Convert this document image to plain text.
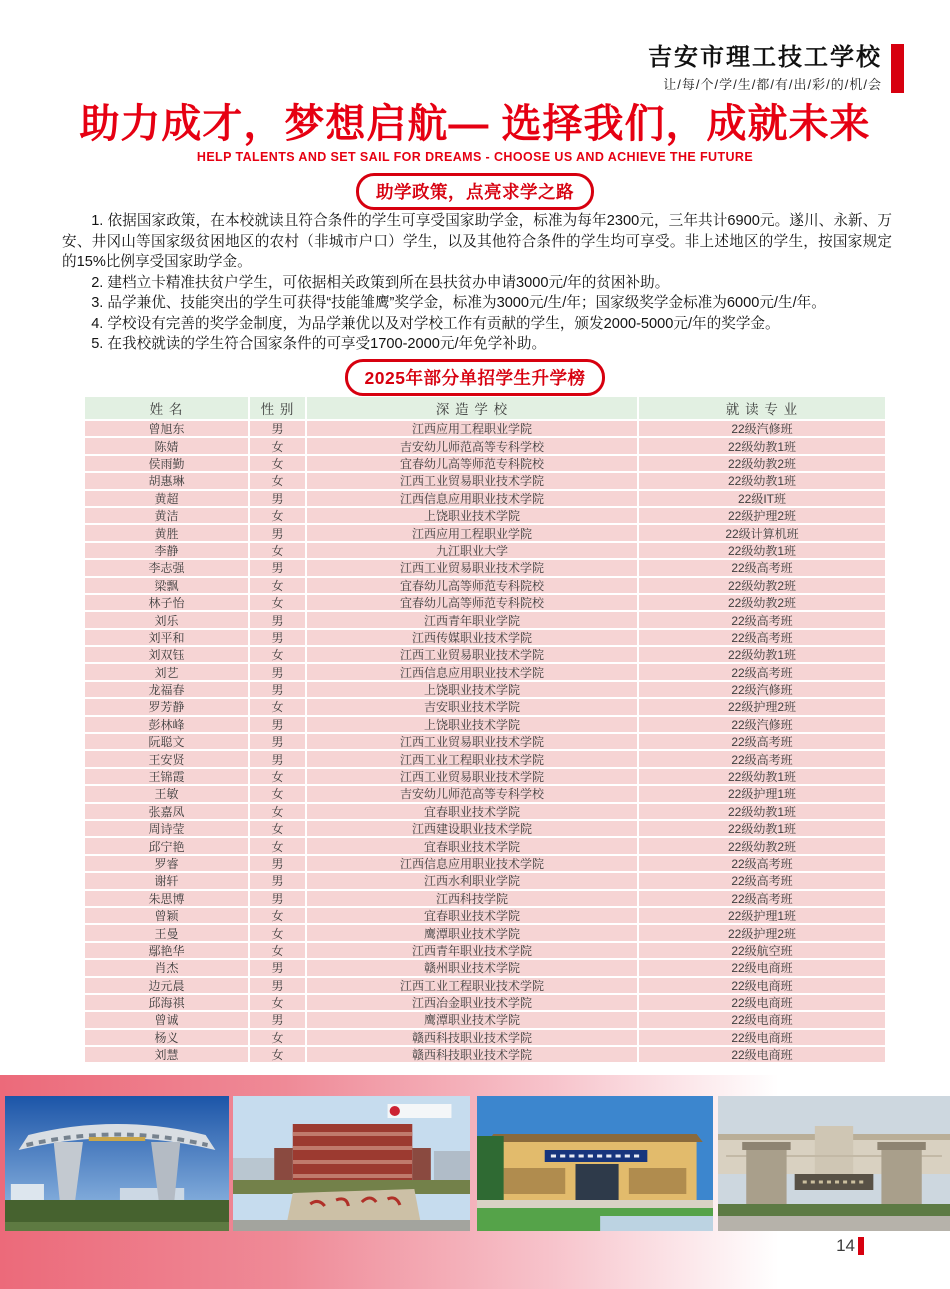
吉安市理工技工学校
让/每/个/学/生/都/有/出/彩/的/机/会
助力成才，梦想启航— 选择我们，成就未来
HELP TALENTS AND SET SAIL FOR DREAMS - CHOOSE US AND ACHIEVE THE FUTURE
助学政策，点亮求学之路

1. 依据国家政策，在本校就读且符合条件的学生可享受国家助学金，标准为每年2300元，三年共计6900元。遂川、永新、万安、井冈山等国家级贫困地区的农村（非城市户口）学生，以及其他符合条件的学生均可享受。非上述地区的学生，按国家规定的15%比例享受国家助学金。

2. 建档立卡精准扶贫户学生，可依据相关政策到所在县扶贫办申请3000元/年的贫困补助。

3. 品学兼优、技能突出的学生可获得“技能雏鹰”奖学金，标准为3000元/生/年；国家级奖学金标准为6000元/生/年。

4. 学校设有完善的奖学金制度，为品学兼优以及对学校工作有贡献的学生，颁发2000-5000元/年的奖学金。

5. 在我校就读的学生符合国家条件的可享受1700-2000元/年免学补助。

2025年部分单招学生升学榜
姓 名	性 别	深 造 学 校	就 读 专 业
曾旭东	男	江西应用工程职业学院	22级汽修班
陈婧	女	吉安幼儿师范高等专科学校	22级幼教1班
侯雨勤	女	宜春幼儿高等师范专科院校	22级幼教2班
胡惠琳	女	江西工业贸易职业技术学院	22级幼教1班
黄超	男	江西信息应用职业技术学院	22级IT班
黄洁	女	上饶职业技术学院	22级护理2班
黄胜	男	江西应用工程职业学院	22级计算机班
李静	女	九江职业大学	22级幼教1班
李志强	男	江西工业贸易职业技术学院	22级高考班
梁飘	女	宜春幼儿高等师范专科院校	22级幼教2班
林子怡	女	宜春幼儿高等师范专科院校	22级幼教2班
刘乐	男	江西青年职业学院	22级高考班
刘平和	男	江西传媒职业技术学院	22级高考班
刘双钰	女	江西工业贸易职业技术学院	22级幼教1班
刘艺	男	江西信息应用职业技术学院	22级高考班
龙福春	男	上饶职业技术学院	22级汽修班
罗芳静	女	吉安职业技术学院	22级护理2班
彭林峰	男	上饶职业技术学院	22级汽修班
阮聪文	男	江西工业贸易职业技术学院	22级高考班
王安贤	男	江西工业工程职业技术学院	22级高考班
王锦霞	女	江西工业贸易职业技术学院	22级幼教1班
王敏	女	吉安幼儿师范高等专科学校	22级护理1班
张嘉凤	女	宜春职业技术学院	22级幼教1班
周诗莹	女	江西建设职业技术学院	22级幼教1班
邱宁艳	女	宜春职业技术学院	22级幼教2班
罗睿	男	江西信息应用职业技术学院	22级高考班
谢轩	男	江西水利职业学院	22级高考班
朱思博	男	江西科技学院	22级高考班
曾颖	女	宜春职业技术学院	22级护理1班
王曼	女	鹰潭职业技术学院	22级护理2班
鄢艳华	女	江西青年职业技术学院	22级航空班
肖杰	男	赣州职业技术学院	22级电商班
边元晨	男	江西工业工程职业技术学院	22级电商班
邱海祺	女	江西冶金职业技术学院	22级电商班
曾诚	男	鹰潭职业技术学院	22级电商班
杨义	女	赣西科技职业技术学院	22级电商班
刘慧	女	赣西科技职业技术学院	22级电商班
14
